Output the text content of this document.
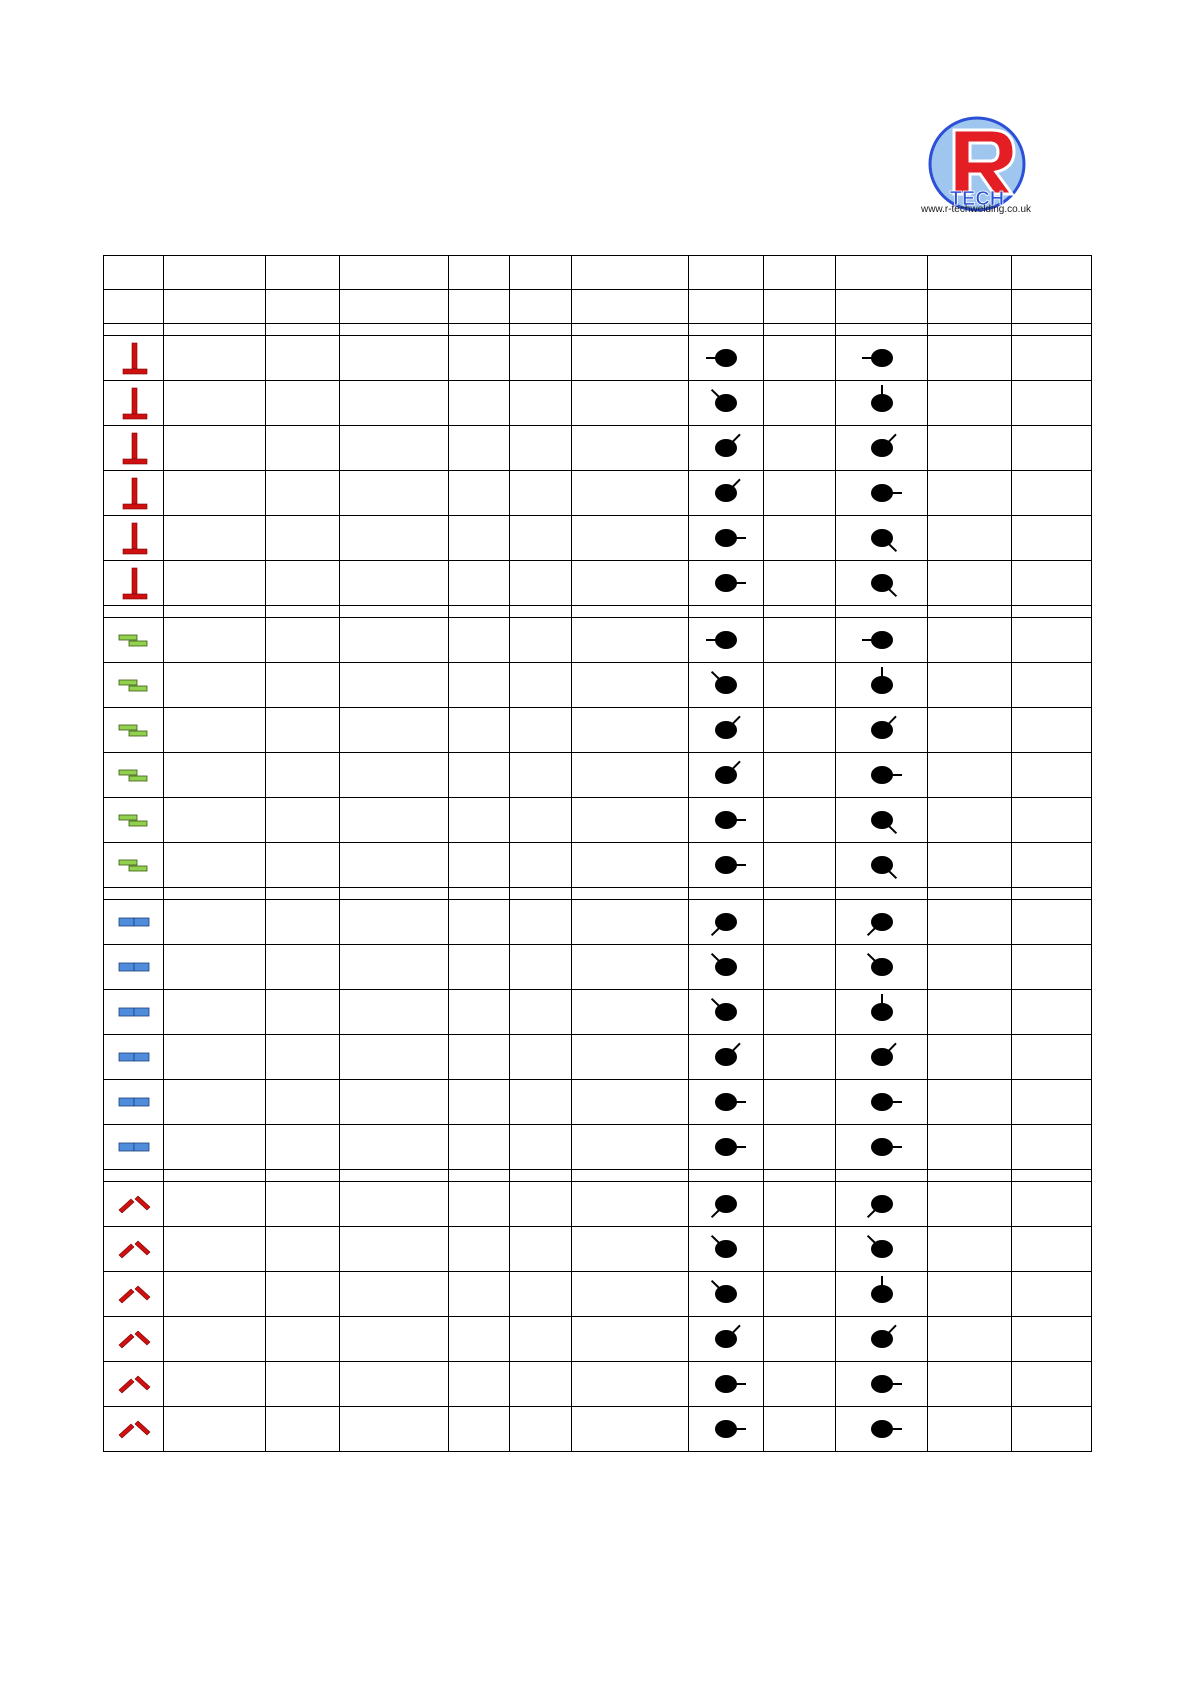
TECH
www.r-techwelding.co.uk
